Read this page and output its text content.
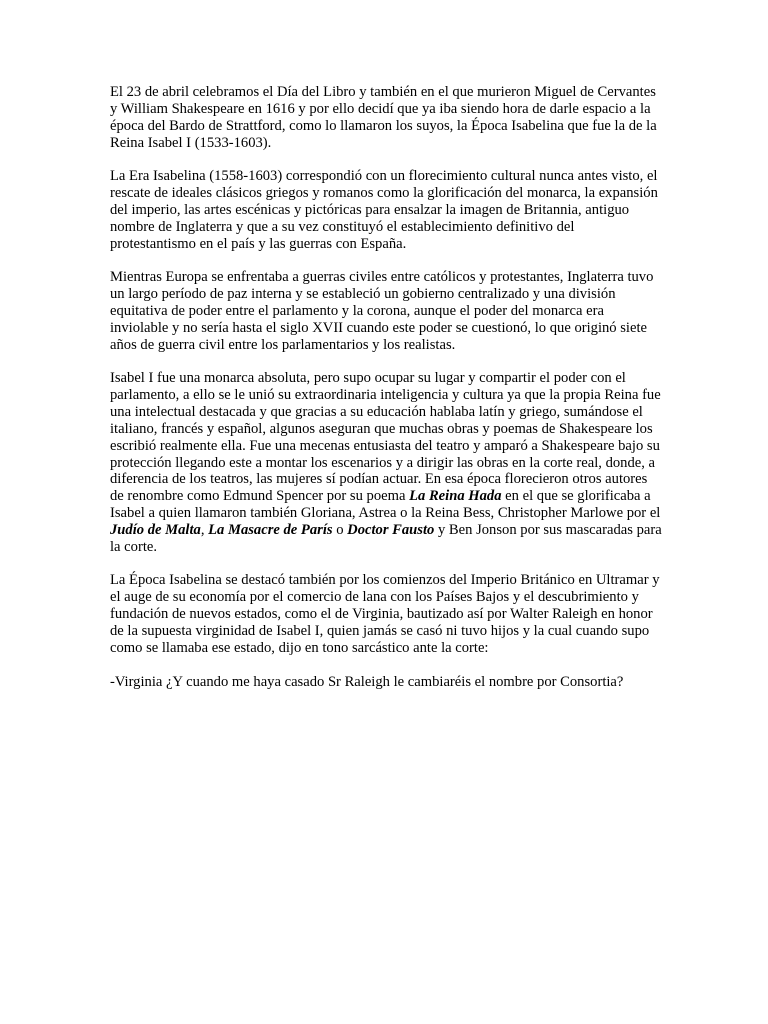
El 23 de abril celebramos el Día del Libro y también en el que murieron Miguel de Cervantes y William Shakespeare en 1616 y por ello decidí que ya iba siendo hora de darle espacio a la época del Bardo de Strattford, como lo llamaron los suyos, la Época Isabelina que fue la de la Reina Isabel I (1533-1603).

La Era Isabelina (1558-1603) correspondió con un florecimiento cultural nunca antes visto, el rescate de ideales clásicos griegos y romanos como la glorificación del monarca, la expansión del imperio, las artes escénicas y pictóricas para ensalzar la imagen de Britannia, antiguo nombre de Inglaterra y que a su vez constituyó el establecimiento definitivo del protestantismo en el país y las guerras con España.

Mientras Europa se enfrentaba a guerras civiles entre católicos y protestantes, Inglaterra tuvo un largo período de paz interna y se estableció un gobierno centralizado y una división equitativa de poder entre el parlamento y la corona, aunque el poder del monarca era inviolable y no sería hasta el siglo XVII cuando este poder se cuestionó, lo que originó siete años de guerra civil entre los parlamentarios y los realistas.

Isabel I fue una monarca absoluta, pero supo ocupar su lugar y compartir el poder con el parlamento, a ello se le unió su extraordinaria inteligencia y cultura ya que la propia Reina fue una intelectual destacada y que gracias a su educación hablaba latín y griego, sumándose el italiano, francés y español, algunos aseguran que muchas obras y poemas de Shakespeare los escribió realmente ella. Fue una mecenas entusiasta del teatro y amparó a Shakespeare bajo su protección llegando este a montar los escenarios y a dirigir las obras en la corte real, donde, a diferencia de los teatros, las mujeres sí podían actuar. En esa época florecieron otros autores de renombre como Edmund Spencer por su poema La Reina Hada en el que se glorificaba a Isabel a quien llamaron también Gloriana, Astrea o la Reina Bess, Christopher Marlowe por el Judío de Malta, La Masacre de París o Doctor Fausto y Ben Jonson por sus mascaradas para la corte.

La Época Isabelina se destacó también por los comienzos del Imperio Británico en Ultramar y el auge de su economía por el comercio de lana con los Países Bajos y el descubrimiento y fundación de nuevos estados, como el de Virginia, bautizado así por Walter Raleigh en honor de la supuesta virginidad de Isabel I, quien jamás se casó ni tuvo hijos y la cual cuando supo como se llamaba ese estado, dijo en tono sarcástico ante la corte:

-Virginia ¿Y cuando me haya casado Sr Raleigh le cambiaréis el nombre por Consortia?
